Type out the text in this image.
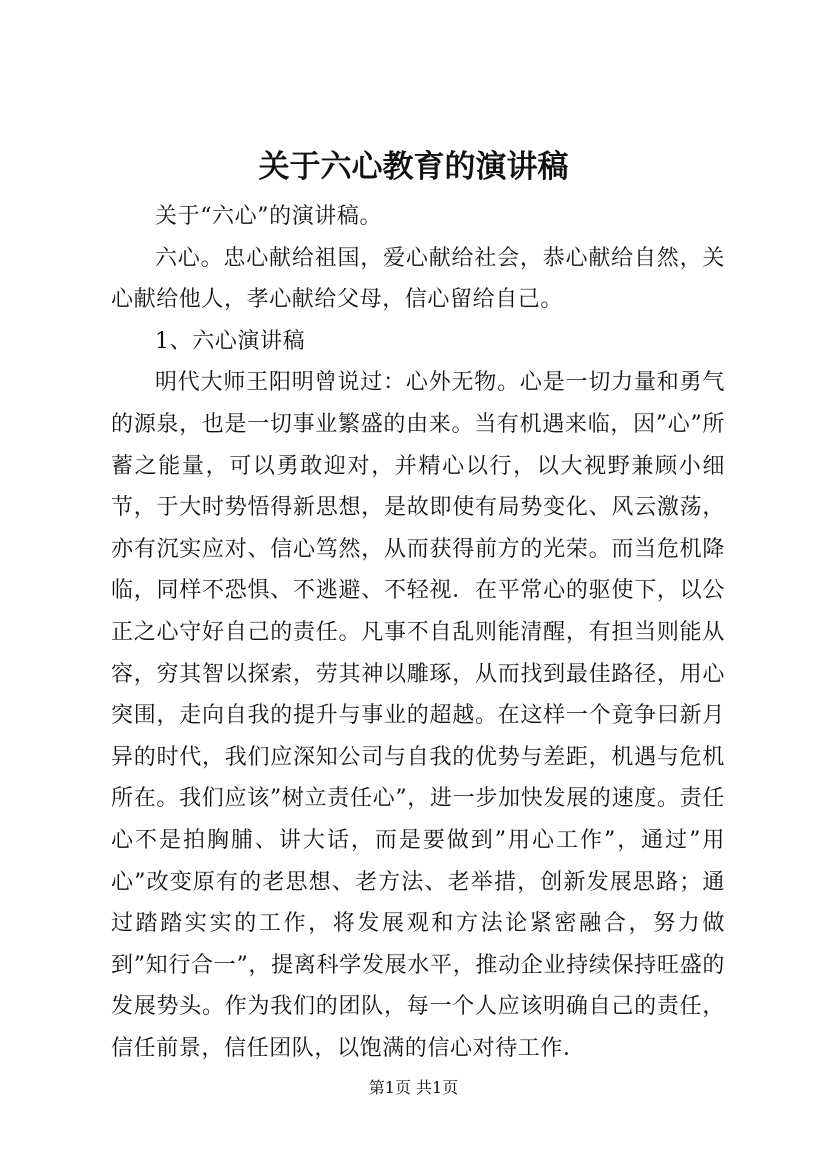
关于六心教育的演讲稿

关于“六心”的演讲稿。

六心。忠心献给祖国，爱心献给社会，恭心献给自然，关心献给他人，孝心献给父母，信心留给自己。

1、六心演讲稿

明代大师王阳明曾说过：心外无物。心是一切力量和勇气的源泉，也是一切事业繁盛的由来。当有机遇来临，因”心”所蓄之能量，可以勇敢迎对，并精心以行，以大视野兼顾小细节，于大时势悟得新思想，是故即使有局势变化、风云激荡，亦有沉实应对、信心笃然，从而获得前方的光荣。而当危机降临，同样不恐惧、不逃避、不轻视．在平常心的驱使下，以公正之心守好自己的责任。凡事不自乱则能清醒，有担当则能从容，穷其智以探索，劳其神以雕琢，从而找到最佳路径，用心突围，走向自我的提升与事业的超越。在这样一个竟争曰新月异的时代，我们应深知公司与自我的优势与差距，机遇与危机所在。我们应该”树立责任心”，进一步加快发展的速度。责任心不是拍胸脯、讲大话，而是要做到”用心工作”，通过”用心”改变原有的老思想、老方法、老举措，创新发展思路；通过踏踏实实的工作，将发展观和方法论紧密融合，努力做到”知行合一”，提离科学发展水平，推动企业持续保持旺盛的发展势头。作为我们的团队，每一个人应该明确自己的责任，信任前景，信任团队，以饱满的信心对待工作．

第1页 共1页
